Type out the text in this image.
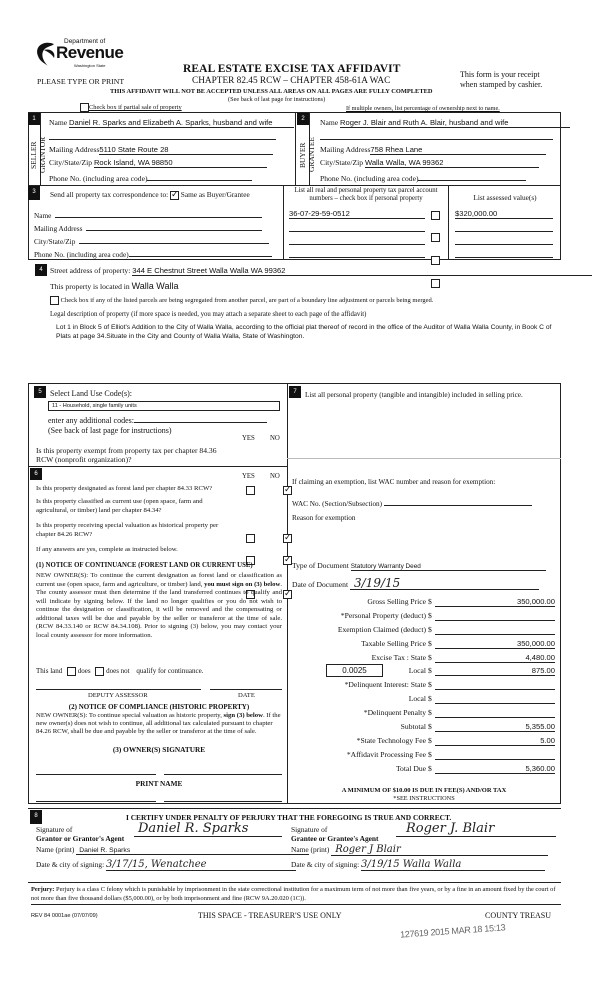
Department of
Revenue
Washington State
PLEASE TYPE OR PRINT
REAL ESTATE EXCISE TAX AFFIDAVIT
CHAPTER 82.45 RCW – CHAPTER 458-61A WAC
THIS AFFIDAVIT WILL NOT BE ACCEPTED UNLESS ALL AREAS ON ALL PAGES ARE FULLY COMPLETED
(See back of last page for instructions)
This form is your receipt
when stamped by cashier.
Check box if partial sale of property	If multiple owners, list percentage of ownership next to name.
1
SELLER
GRANTOR
Name Daniel R. Sparks and Elizabeth A. Sparks, husband and wife
Mailing Address5110 State Route 28
City/State/Zip Rock Island, WA 98850
Phone No. (including area code)
2
BUYER
GRANTEE
Name Roger J. Blair and Ruth A. Blair, husband and wife
Mailing Address758 Rhea Lane
City/State/Zip Walla Walla, WA 99362
Phone No. (including area code)
3	Send all property tax correspondence to: ✓ Same as Buyer/Grantee
Name
Mailing Address
City/State/Zip
Phone No. (including area code)
List all real and personal property tax parcel account numbers – check box if personal property	List assessed value(s)
36-07-29-59-0512	$320,000.00
4 Street address of property: 344 E Chestnut Street Walla Walla WA 99362
This property is located in Walla Walla
Check box if any of the listed parcels are being segregated from another parcel, are part of a boundary line adjustment or parcels being merged.
Legal description of property (if more space is needed, you may attach a separate sheet to each page of the affidavit)
Lot 1 in Block 5 of Elliot's Addition to the City of Walla Walla, according to the official plat thereof of record in the office of the Auditor of Walla Walla County, in Book C of Plats at page 34.Situate in the City and County of Walla Walla, State of Washington.
5	Select Land Use Code(s):
11 - Household, single family units
enter any additional codes:
(See back of last page for instructions)
YES NO
Is this property exempt from property tax per chapter 84.36 RCW (nonprofit organization)?
✓
6	YES NO
Is this property designated as forest land per chapter 84.33 RCW?
✓
Is this property classified as current use (open space, farm and agricultural, or timber) land per chapter 84.34?
✓
Is this property receiving special valuation as historical property per chapter 84.26 RCW?
✓
If any answers are yes, complete as instructed below.
(1) NOTICE OF CONTINUANCE (FOREST LAND OR CURRENT USE)
NEW OWNER(S): To continue the current designation as forest land or classification as current use (open space, farm and agriculture, or timber) land, you must sign on (3) below. The county assessor must then determine if the land transferred continues to qualify and will indicate by signing below. If the land no longer qualifies or you do not wish to continue the designation or classification, it will be removed and the compensating or additional taxes will be due and payable by the seller or transferor at the time of sale. (RCW 84.33.140 or RCW 84.34.108). Prior to signing (3) below, you may contact your local county assessor for more information.
This land does does not qualify for continuance.
DEPUTY ASSESSOR	DATE
(2) NOTICE OF COMPLIANCE (HISTORIC PROPERTY)
NEW OWNER(S): To continue special valuation as historic property, sign (3) below. If the new owner(s) does not wish to continue, all additional tax calculated pursuant to chapter 84.26 RCW, shall be due and payable by the seller or transferor at the time of sale.
(3) OWNER(S) SIGNATURE
PRINT NAME
7	List all personal property (tangible and intangible) included in selling price.
If claiming an exemption, list WAC number and reason for exemption:
WAC No. (Section/Subsection)
Reason for exemption
Type of Document Statutory Warranty Deed
Date of Document 3/19/15
Gross Selling Price $	350,000.00
*Personal Property (deduct) $
Exemption Claimed (deduct) $
Taxable Selling Price $	350,000.00
Excise Tax : State $	4,480.00
0.0025	Local $	875.00
*Delinquent Interest: State $
Local $
*Delinquent Penalty $
Subtotal $	5,355.00
*State Technology Fee $	5.00
*Affidavit Processing Fee $
Total Due $	5,360.00
A MINIMUM OF $10.00 IS DUE IN FEE(S) AND/OR TAX
*SEE INSTRUCTIONS
8	I CERTIFY UNDER PENALTY OF PERJURY THAT THE FOREGOING IS TRUE AND CORRECT.
Signature of
Grantor or Grantor's Agent
Daniel R. Sparks
Name (print) Daniel R. Sparks
Date & city of signing: 3/17/15, Wenatchee
Signature of
Grantee or Grantee's Agent
Roger J. Blair
Name (print) Roger J Blair
Date & city of signing: 3/19/15 Walla Walla
Perjury: Perjury is a class C felony which is punishable by imprisonment in the state correctional institution for a maximum term of not more than five years, or by a fine in an amount fixed by the court of not more than five thousand dollars ($5,000.00), or by both imprisonment and fine (RCW 9A.20.020 (1C)).
REV 84 0001ae (07/07/09)	THIS SPACE - TREASURER'S USE ONLY	COUNTY TREASU
127619 2015 MAR 18 15:13
